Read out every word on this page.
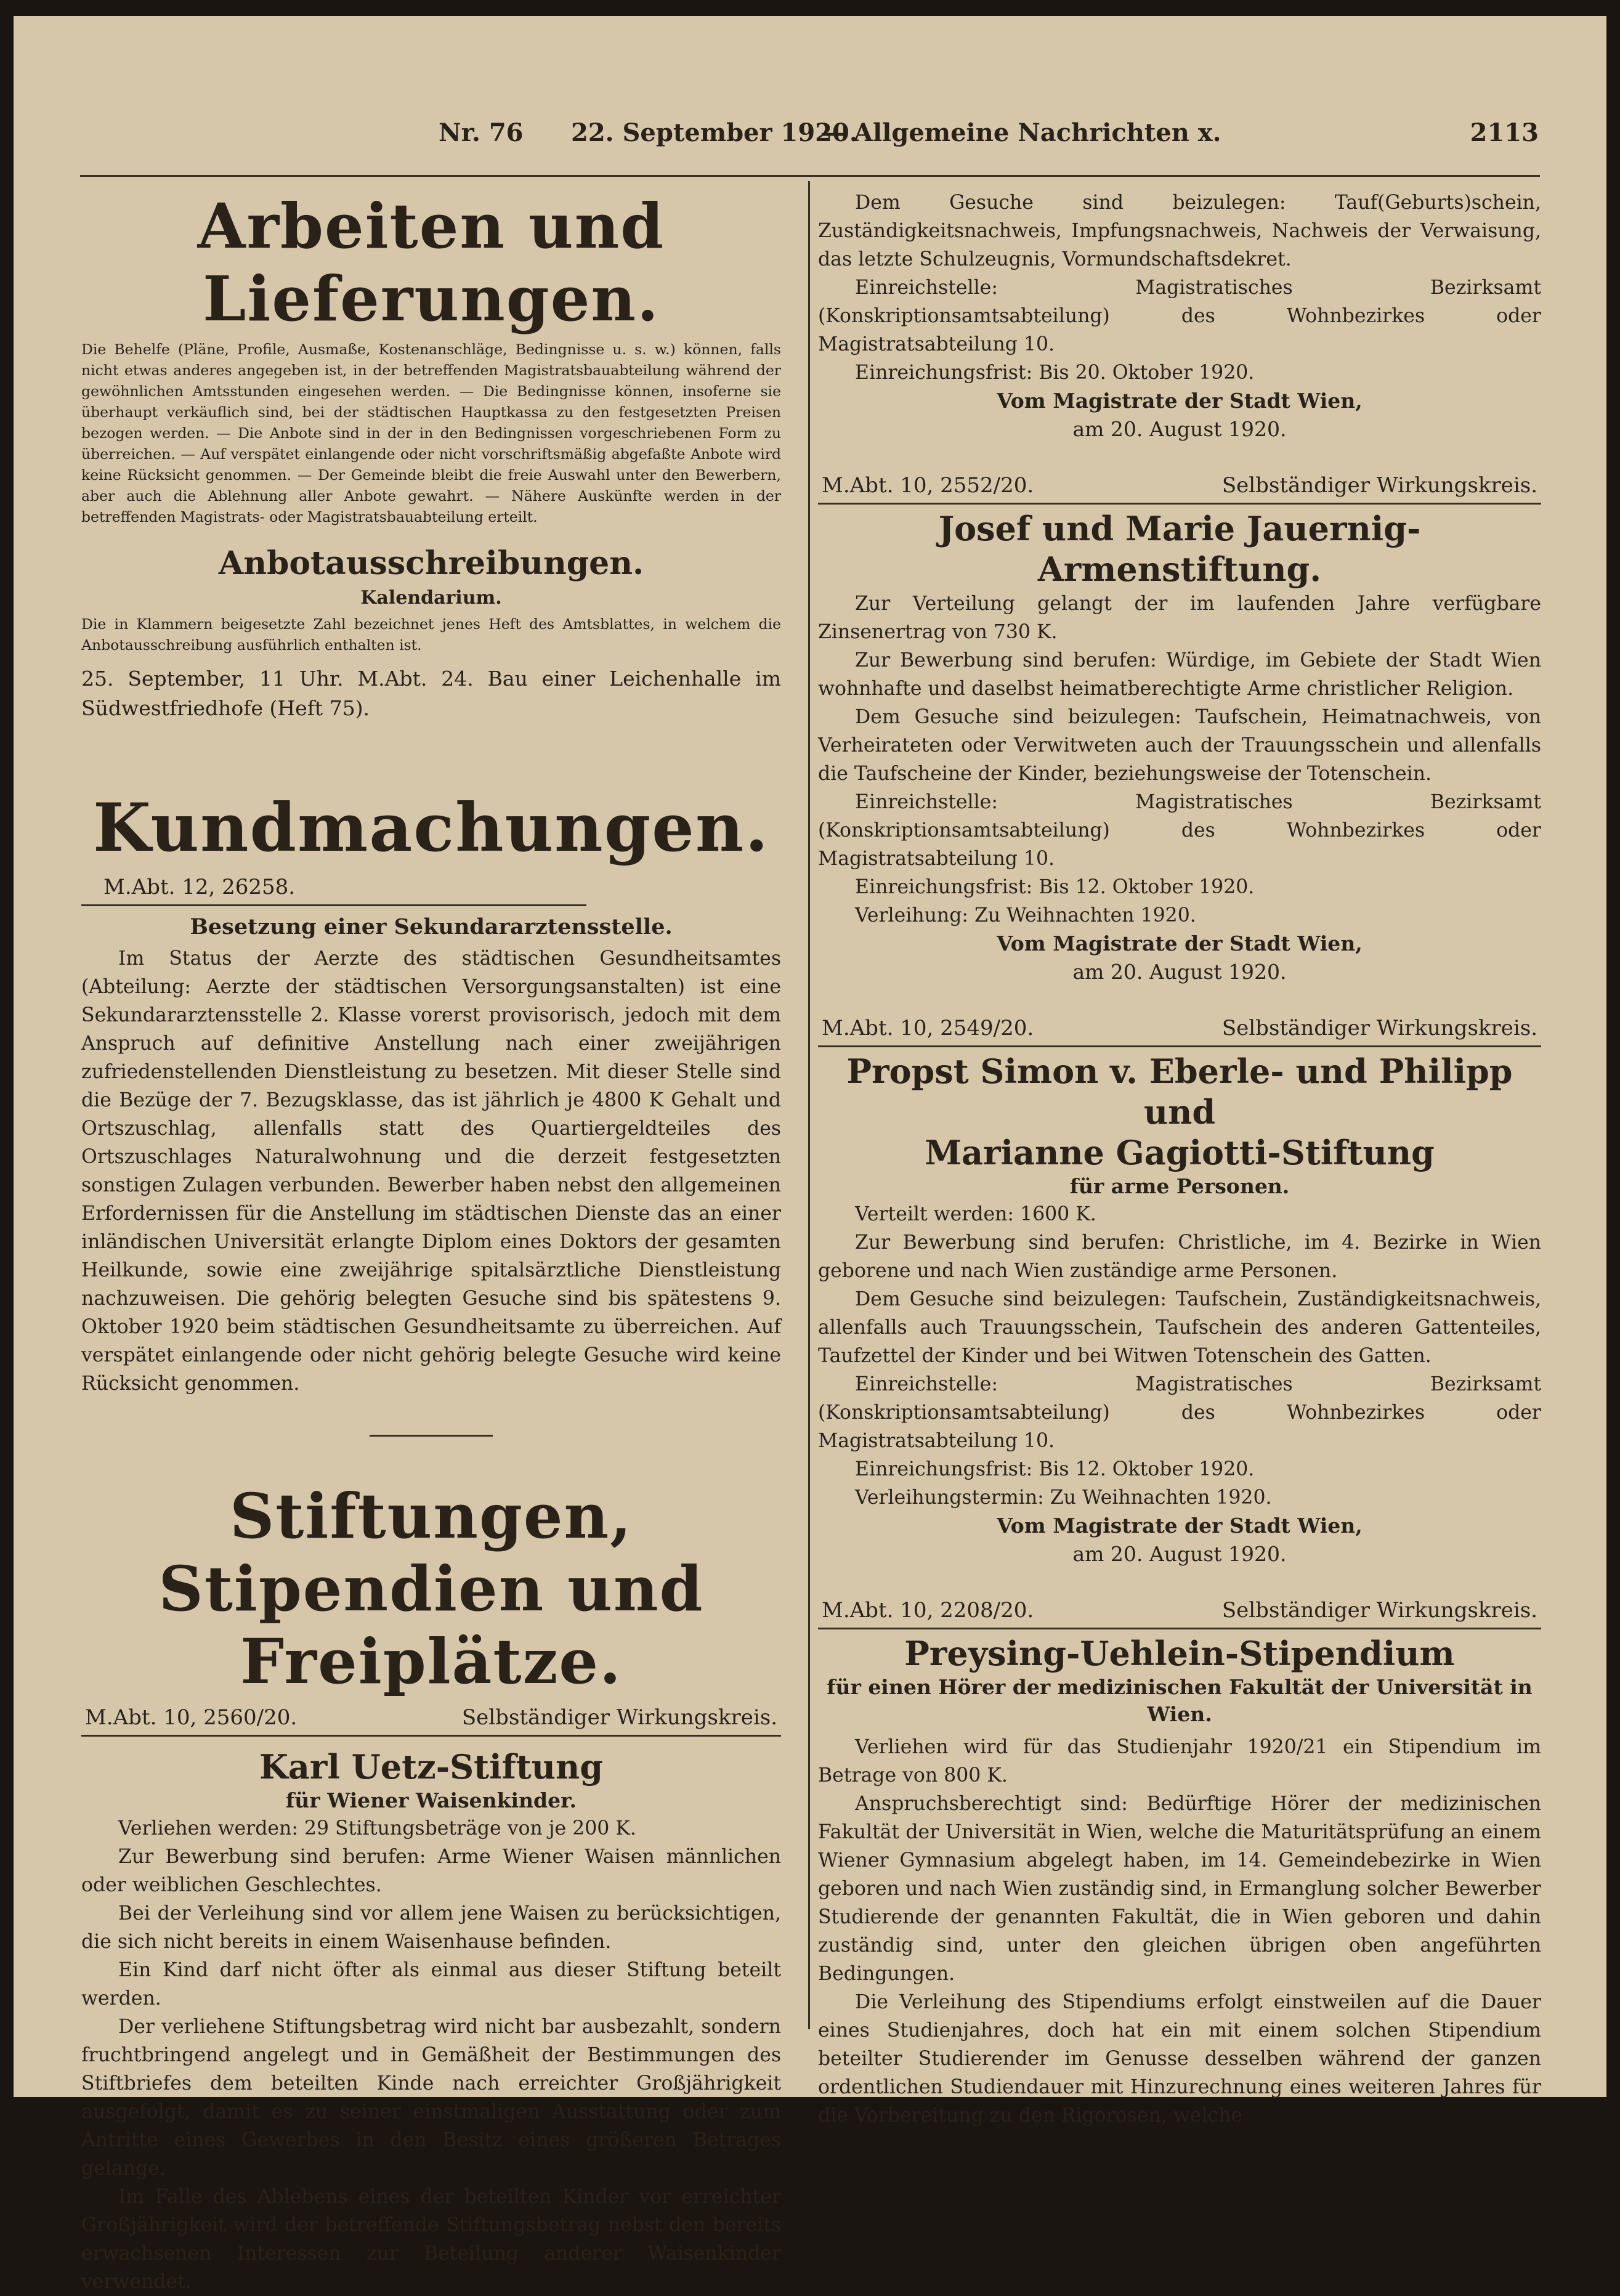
Nr. 76 22. September 1920.
— Allgemeine Nachrichten x.	2113
Arbeiten und Lieferungen.

Die Behelfe (Pläne, Profile, Ausmaße, Kostenanschläge, Bedingnisse u. s. w.) können, falls nicht etwas anderes angegeben ist, in der betreffenden Magistratsbauabteilung während der gewöhnlichen Amtsstunden eingesehen werden. — Die Bedingnisse können, insoferne sie überhaupt verkäuflich sind, bei der städtischen Hauptkassa zu den festgesetzten Preisen bezogen werden. — Die Anbote sind in der in den Bedingnissen vorgeschriebenen Form zu überreichen. — Auf verspätet einlangende oder nicht vorschriftsmäßig abgefaßte Anbote wird keine Rücksicht genommen. — Der Gemeinde bleibt die freie Auswahl unter den Bewerbern, aber auch die Ablehnung aller Anbote gewahrt. — Nähere Auskünfte werden in der betreffenden Magistrats- oder Magistratsbauabteilung erteilt.

Anbotausschreibungen.
Kalendarium.

Die in Klammern beigesetzte Zahl bezeichnet jenes Heft des Amtsblattes, in welchem die Anbotausschreibung ausführlich enthalten ist.

25. September, 11 Uhr. M.Abt. 24. Bau einer Leichenhalle im Südwestfriedhofe (Heft 75).

Kundmachungen.
M.Abt. 12, 26258.
Besetzung einer Sekundararztensstelle.

Im Status der Aerzte des städtischen Gesundheitsamtes (Abteilung: Aerzte der städtischen Versorgungsanstalten) ist eine Sekundararztensstelle 2. Klasse vorerst provisorisch, jedoch mit dem Anspruch auf definitive Anstellung nach einer zweijährigen zufriedenstellenden Dienstleistung zu besetzen. Mit dieser Stelle sind die Bezüge der 7. Bezugsklasse, das ist jährlich je 4800 K Gehalt und Ortszuschlag, allenfalls statt des Quartiergeldteiles des Ortszuschlages Naturalwohnung und die derzeit festgesetzten sonstigen Zulagen verbunden. Bewerber haben nebst den allgemeinen Erfordernissen für die Anstellung im städtischen Dienste das an einer inländischen Universität erlangte Diplom eines Doktors der gesamten Heilkunde, sowie eine zweijährige spitalsärztliche Dienstleistung nachzuweisen. Die gehörig belegten Gesuche sind bis spätestens 9. Oktober 1920 beim städtischen Gesundheitsamte zu überreichen. Auf verspätet einlangende oder nicht gehörig belegte Gesuche wird keine Rücksicht genommen.

Stiftungen, Stipendien und
Freiplätze.
M.Abt. 10, 2560/20.	Selbständiger Wirkungskreis.
Karl Uetz-Stiftung
für Wiener Waisenkinder.

Verliehen werden: 29 Stiftungsbeträge von je 200 K.

Zur Bewerbung sind berufen: Arme Wiener Waisen männlichen oder weiblichen Geschlechtes.

Bei der Verleihung sind vor allem jene Waisen zu berücksichtigen, die sich nicht bereits in einem Waisenhause befinden.

Ein Kind darf nicht öfter als einmal aus dieser Stiftung beteilt werden.

Der verliehene Stiftungsbetrag wird nicht bar ausbezahlt, sondern fruchtbringend angelegt und in Gemäßheit der Bestimmungen des Stiftbriefes dem beteilten Kinde nach erreichter Großjährigkeit ausgefolgt, damit es zu seiner einstmaligen Ausstattung oder zum Antritte eines Gewerbes in den Besitz eines größeren Betrages gelange.

Im Falle des Ablebens eines der beteilten Kinder vor erreichter Großjährigkeit wird der betreffende Stiftungsbetrag nebst den bereits erwachsenen Interessen zur Beteilung anderer Waisenkinder verwendet.

Dem Gesuche sind beizulegen: Tauf(Geburts)schein, Zuständigkeitsnachweis, Impfungsnachweis, Nachweis der Verwaisung, das letzte Schulzeugnis, Vormundschaftsdekret.

Einreichstelle: Magistratisches Bezirksamt (Konskriptionsamtsabteilung) des Wohnbezirkes oder Magistratsabteilung 10.

Einreichungsfrist: Bis 20. Oktober 1920.

Vom Magistrate der Stadt Wien,
am 20. August 1920.
M.Abt. 10, 2552/20.	Selbständiger Wirkungskreis.
Josef und Marie Jauernig-Armenstiftung.

Zur Verteilung gelangt der im laufenden Jahre verfügbare Zinsenertrag von 730 K.

Zur Bewerbung sind berufen: Würdige, im Gebiete der Stadt Wien wohnhafte und daselbst heimatberechtigte Arme christlicher Religion.

Dem Gesuche sind beizulegen: Taufschein, Heimatnachweis, von Verheirateten oder Verwitweten auch der Trauungsschein und allenfalls die Taufscheine der Kinder, beziehungsweise der Totenschein.

Einreichstelle: Magistratisches Bezirksamt (Konskriptionsamtsabteilung) des Wohnbezirkes oder Magistratsabteilung 10.

Einreichungsfrist: Bis 12. Oktober 1920.

Verleihung: Zu Weihnachten 1920.

Vom Magistrate der Stadt Wien,
am 20. August 1920.
M.Abt. 10, 2549/20.	Selbständiger Wirkungskreis.
Propst Simon v. Eberle- und Philipp und
Marianne Gagiotti-Stiftung
für arme Personen.

Verteilt werden: 1600 K.

Zur Bewerbung sind berufen: Christliche, im 4. Bezirke in Wien geborene und nach Wien zuständige arme Personen.

Dem Gesuche sind beizulegen: Taufschein, Zuständigkeitsnachweis, allenfalls auch Trauungsschein, Taufschein des anderen Gattenteiles, Taufzettel der Kinder und bei Witwen Totenschein des Gatten.

Einreichstelle: Magistratisches Bezirksamt (Konskriptionsamtsabteilung) des Wohnbezirkes oder Magistratsabteilung 10.

Einreichungsfrist: Bis 12. Oktober 1920.

Verleihungstermin: Zu Weihnachten 1920.

Vom Magistrate der Stadt Wien,
am 20. August 1920.
M.Abt. 10, 2208/20.	Selbständiger Wirkungskreis.
Preysing-Uehlein-Stipendium
für einen Hörer der medizinischen Fakultät der Universität in Wien.

Verliehen wird für das Studienjahr 1920/21 ein Stipendium im Betrage von 800 K.

Anspruchsberechtigt sind: Bedürftige Hörer der medizinischen Fakultät der Universität in Wien, welche die Maturitätsprüfung an einem Wiener Gymnasium abgelegt haben, im 14. Gemeindebezirke in Wien geboren und nach Wien zuständig sind, in Ermanglung solcher Bewerber Studierende der genannten Fakultät, die in Wien geboren und dahin zuständig sind, unter den gleichen übrigen oben angeführten Bedingungen.

Die Verleihung des Stipendiums erfolgt einstweilen auf die Dauer eines Studienjahres, doch hat ein mit einem solchen Stipendium beteilter Studierender im Genusse desselben während der ganzen ordentlichen Studiendauer mit Hinzurechnung eines weiteren Jahres für die Vorbereitung zu den Rigorosen, welche
